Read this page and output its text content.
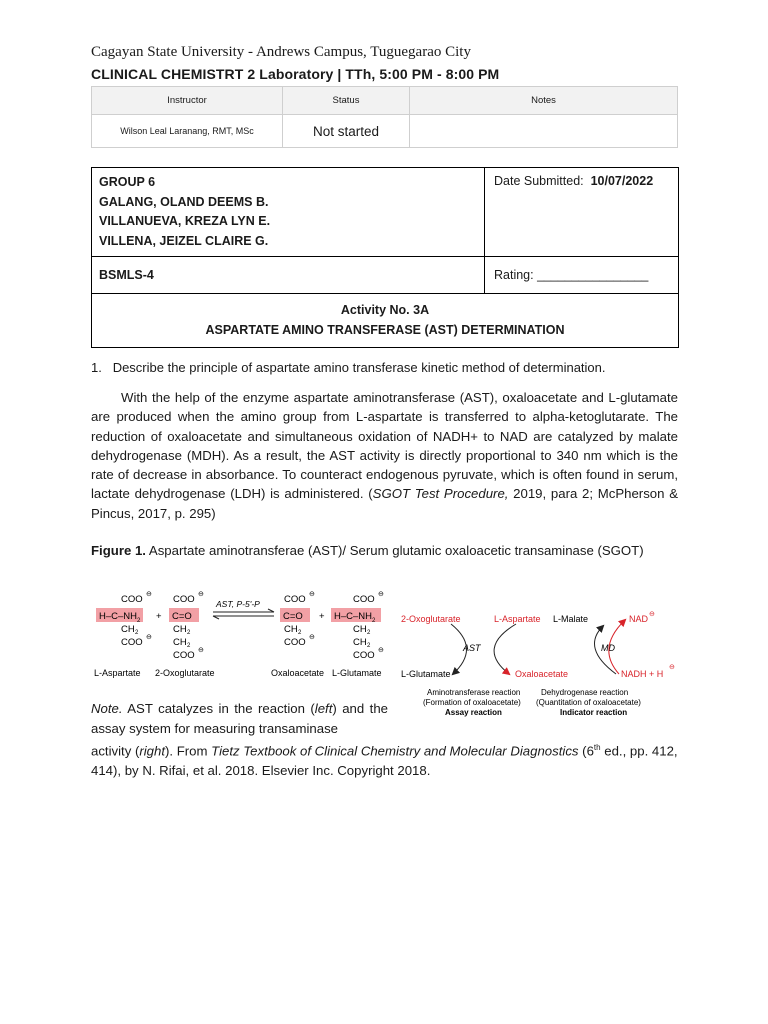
Cagayan State University - Andrews Campus, Tuguegarao City
CLINICAL CHEMISTRT 2 Laboratory | TTh, 5:00 PM - 8:00 PM
Instructor	Status	Notes
Wilson Leal Laranang, RMT, MSc	Not started	
GROUP 6
GALANG, OLAND DEEMS B.
VILLANUEVA, KREZA LYN E.
VILLENA, JEIZEL CLAIRE G.	Date Submitted: 10/07/2022
BSMLS-4	Rating: ________________

Activity No. 3A
ASPARTATE AMINO TRANSFERASE (AST) DETERMINATION	
1. Describe the principle of aspartate amino transferase kinetic method of determination.

With the help of the enzyme aspartate aminotransferase (AST), oxaloacetate and L-glutamate are produced when the amino group from L-aspartate is transferred to alpha-ketoglutarate. The reduction of oxaloacetate and simultaneous oxidation of NADH+ to NAD are catalyzed by malate dehydrogenase (MDH). As a result, the AST activity is directly proportional to 340 nm which is the rate of decrease in absorbance. To counteract endogenous pyruvate, which is often found in serum, lactate dehydrogenase (LDH) is administered. (SGOT Test Procedure, 2019, para 2; McPherson & Pincus, 2017, p. 295)

Figure 1. Aspartate aminotransferae (AST)/ Serum glutamic oxaloacetic transaminase (SGOT)
COO ⊖
H–C–NH 2
CH 2
COO ⊖
+
COO ⊖
C=O
CH 2
CH 2
COO ⊖
AST, P-5'-P	COO ⊖
C=O
CH 2
COO ⊖
+
COO ⊖
H–C–NH 2
CH 2
CH 2
COO ⊖
L-Aspartate 2-Oxoglutarate	Oxaloacetate L-Glutamate
2-Oxoglutarate	L-Aspartate L-Malate	NAD ⊖
AST	MD
L-Glutamate	Oxaloacetate	NADH + H
⊖
Aminotransferase reaction
(Formation of oxaloacetate)
Assay reaction
Dehydrogenase reaction
(Quantitation of oxaloacetate)
Indicator reaction

Note. AST catalyzes in the reaction (left) and the assay system for measuring transaminase

activity (right). From Tietz Textbook of Clinical Chemistry and Molecular Diagnostics (6th ed., pp. 412, 414), by N. Rifai, et al. 2018. Elsevier Inc. Copyright 2018.
